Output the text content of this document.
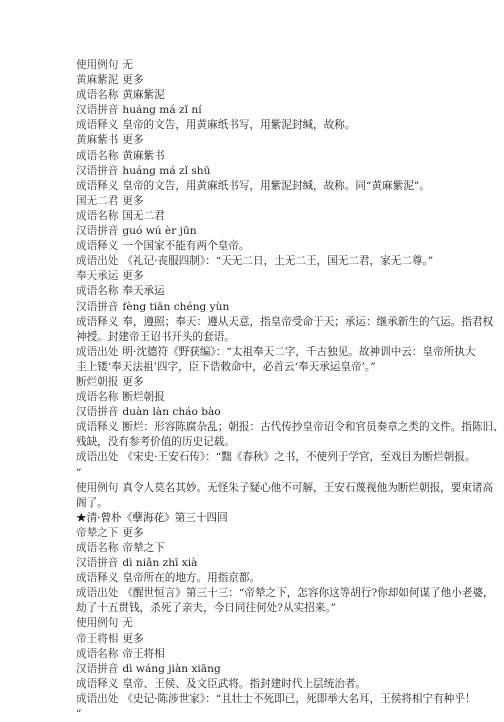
使用例句 无
黄麻紫泥 更多
成语名称 黄麻紫泥
汉语拼音 huáng má zǐ ní
成语释义 皇帝的文告，用黄麻纸书写，用紫泥封缄，故称。
黄麻紫书 更多
成语名称 黄麻紫书
汉语拼音 huáng má zǐ shū
成语释义 皇帝的文告，用黄麻纸书写，用紫泥封缄，故称。同“黄麻紫泥”。
国无二君 更多
成语名称 国无二君
汉语拼音 guó wú èr jūn
成语释义 一个国家不能有两个皇帝。
成语出处 《礼记·丧服四制》：“天无二日，土无二王，国无二君，家无二尊。”
奉天承运 更多
成语名称 奉天承运
汉语拼音 fèng tiān chéng yùn
成语释义 奉，遵照；奉天：遵从天意，指皇帝受命于天；承运：继承新生的气运。指君权
神授。封建帝王诏书开头的套语。
成语出处 明·沈德符《野获编》：“太祖奉天二字，千古独见。故神训中云：皇帝所执大
圭上镂‘奉天法祖’四字，臣下诰敕命中，必首云‘奉天承运皇帝’。”
断烂朝报 更多
成语名称 断烂朝报
汉语拼音 duàn làn cháo bào
成语释义 断烂：形容陈腐杂乱；朝报：古代传抄皇帝诏令和官员奏章之类的文件。指陈旧、
残缺，没有参考价值的历史记载。
成语出处 《宋史·王安石传》：“黜《春秋》之书，不使列于学官，至戏目为断烂朝报。
”
使用例句 真令人莫名其妙。无怪朱子疑心他不可解，王安石蔑视他为断烂朝报，要束诸高
阁了。
★清·曾朴《孽海花》第三十四回
帝辇之下 更多
成语名称 帝辇之下
汉语拼音 dì niǎn zhī xià
成语释义 皇帝所在的地方。用指京都。
成语出处 《醒世恒言》第三十三：“帝辇之下，怎容你这等胡行?你却如何谋了他小老婆，
劫了十五贯钱，杀死了亲夫，今日同往何处?从实招来。”
使用例句 无
帝王将相 更多
成语名称 帝王将相
汉语拼音 dì wáng jiàn xiāng
成语释义 皇帝、王侯、及文臣武将。指封建时代上层统治者。
成语出处 《史记·陈涉世家》：“且壮士不死即已，死即举大名耳，王侯将相宁有种乎！
”
